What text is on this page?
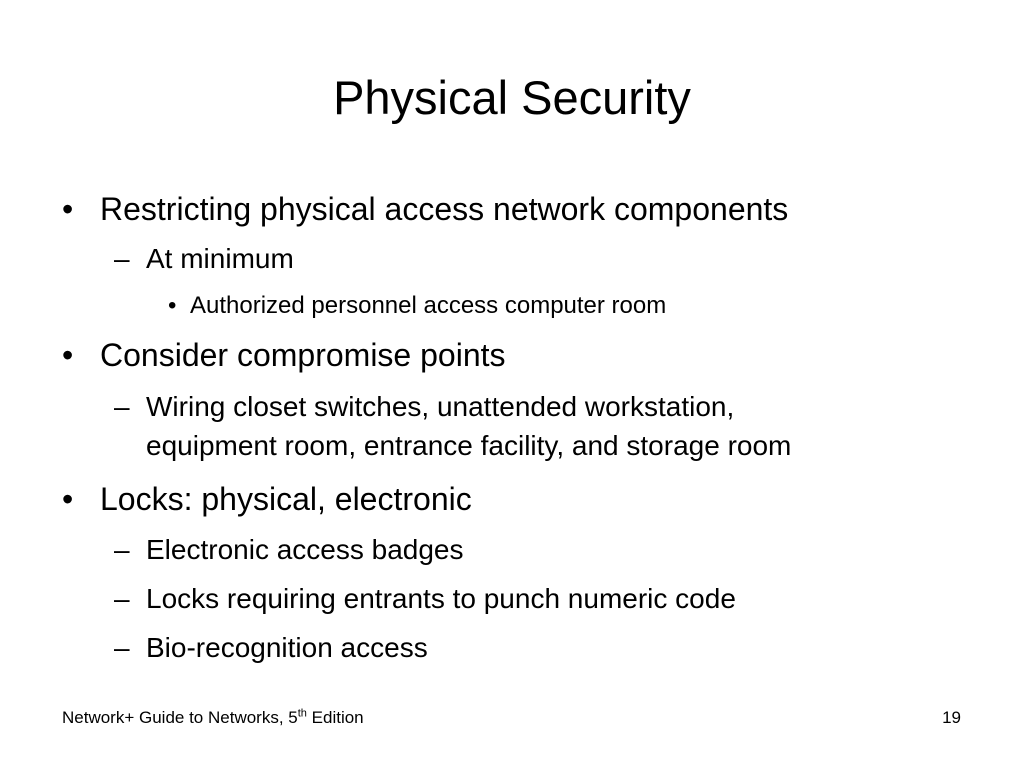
Physical Security
• Restricting physical access network components
– At minimum
• Authorized personnel access computer room
• Consider compromise points
– Wiring closet switches, unattended workstation,
equipment room, entrance facility, and storage room
• Locks: physical, electronic
– Electronic access badges
– Locks requiring entrants to punch numeric code
– Bio-recognition access
Network+ Guide to Networks, 5th Edition	19
